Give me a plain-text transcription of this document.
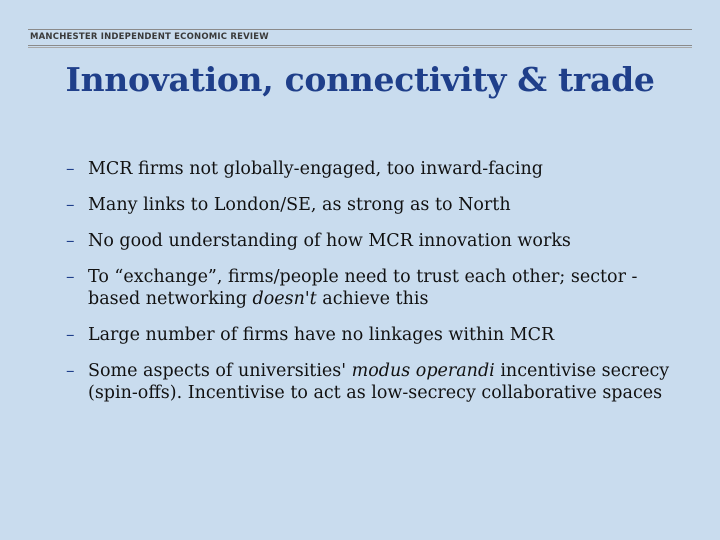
MANCHESTER INDEPENDENT ECONOMIC REVIEW
Innovation, connectivity & trade
– MCR firms not globally-engaged, too inward-facing
– Many links to London/SE, as strong as to North
– No good understanding of how MCR innovation works
– To “exchange”, firms/people need to trust each other; sector -based networking doesn't achieve this
– Large number of firms have no linkages within MCR
– Some aspects of universities' modus operandi incentivise secrecy (spin-offs). Incentivise to act as low-secrecy collaborative spaces
